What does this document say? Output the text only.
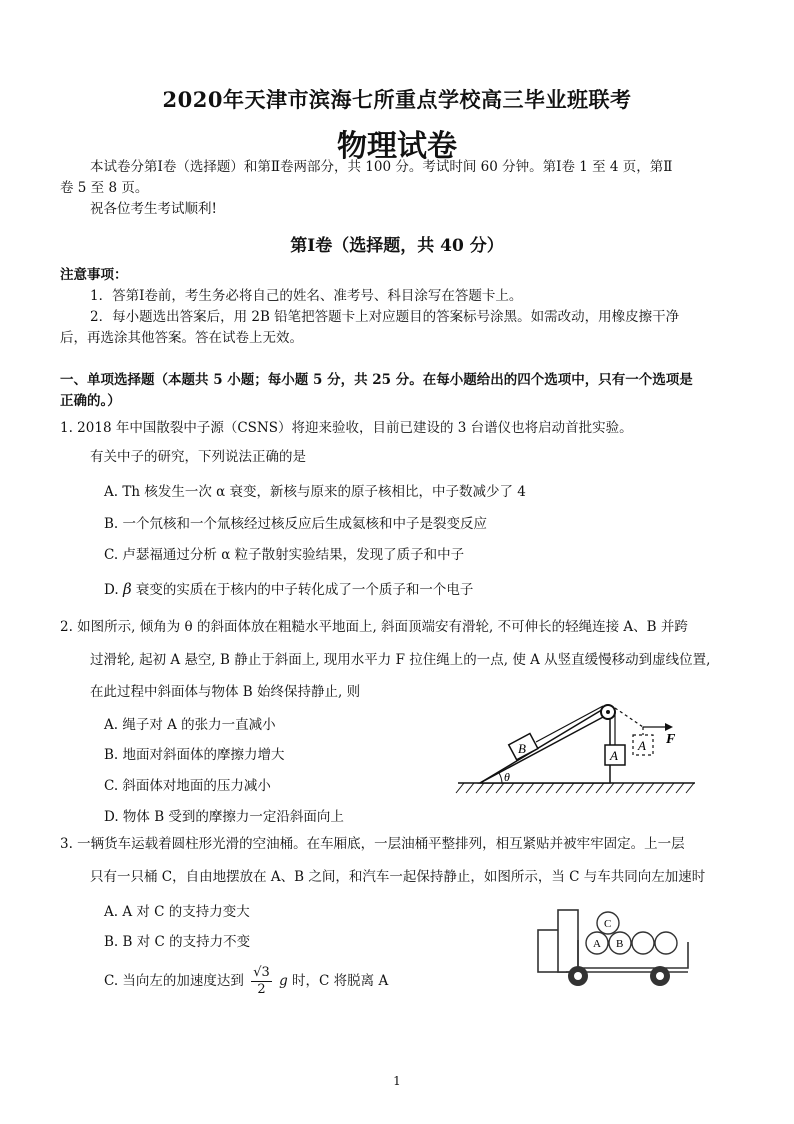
2020年天津市滨海七所重点学校高三毕业班联考
物理试卷
本试卷分第Ⅰ卷（选择题）和第Ⅱ卷两部分，共 100 分。考试时间 60 分钟。第Ⅰ卷 1 至 4 页，第Ⅱ
卷 5 至 8 页。
祝各位考生考试顺利!
第Ⅰ卷（选择题，共 40 分）
注意事项：
1．答第Ⅰ卷前，考生务必将自己的姓名、准考号、科目涂写在答题卡上。
2．每小题选出答案后，用 2B 铅笔把答题卡上对应题目的答案标号涂黑。如需改动，用橡皮擦干净
后，再选涂其他答案。答在试卷上无效。
一、单项选择题（本题共 5 小题；每小题 5 分，共 25 分。在每小题给出的四个选项中，只有一个选项是
正确的。）
1. 2018 年中国散裂中子源（CSNS）将迎来验收，目前已建设的 3 台谱仪也将启动首批实验。
有关中子的研究，下列说法正确的是
A. Th 核发生一次 α 衰变，新核与原来的原子核相比，中子数减少了 4
B. 一个氘核和一个氚核经过核反应后生成氦核和中子是裂变反应
C. 卢瑟福通过分析 α 粒子散射实验结果，发现了质子和中子
D. β 衰变的实质在于核内的中子转化成了一个质子和一个电子
2. 如图所示, 倾角为 θ 的斜面体放在粗糙水平地面上, 斜面顶端安有滑轮, 不可伸长的轻绳连接 A、B 并跨
过滑轮, 起初 A 悬空, B 静止于斜面上, 现用水平力 F 拉住绳上的一点, 使 A 从竖直缓慢移动到虚线位置,
在此过程中斜面体与物体 B 始终保持静止, 则
A. 绳子对 A 的张力一直减小
B. 地面对斜面体的摩擦力增大
C. 斜面体对地面的压力减小
D. 物体 B 受到的摩擦力一定沿斜面向上
B	A
A F
θ
3. 一辆货车运载着圆柱形光滑的空油桶。在车厢底，一层油桶平整排列，相互紧贴并被牢牢固定。上一层
只有一只桶 C，自由地摆放在 A、B 之间，和汽车一起保持静止，如图所示，当 C 与车共同向左加速时
A. A 对 C 的支持力变大
B. B 对 C 的支持力不变
C. 当向左的加速度达到 $\frac{√3}{2}$ g 时，C 将脱离 A
C
A B
1
